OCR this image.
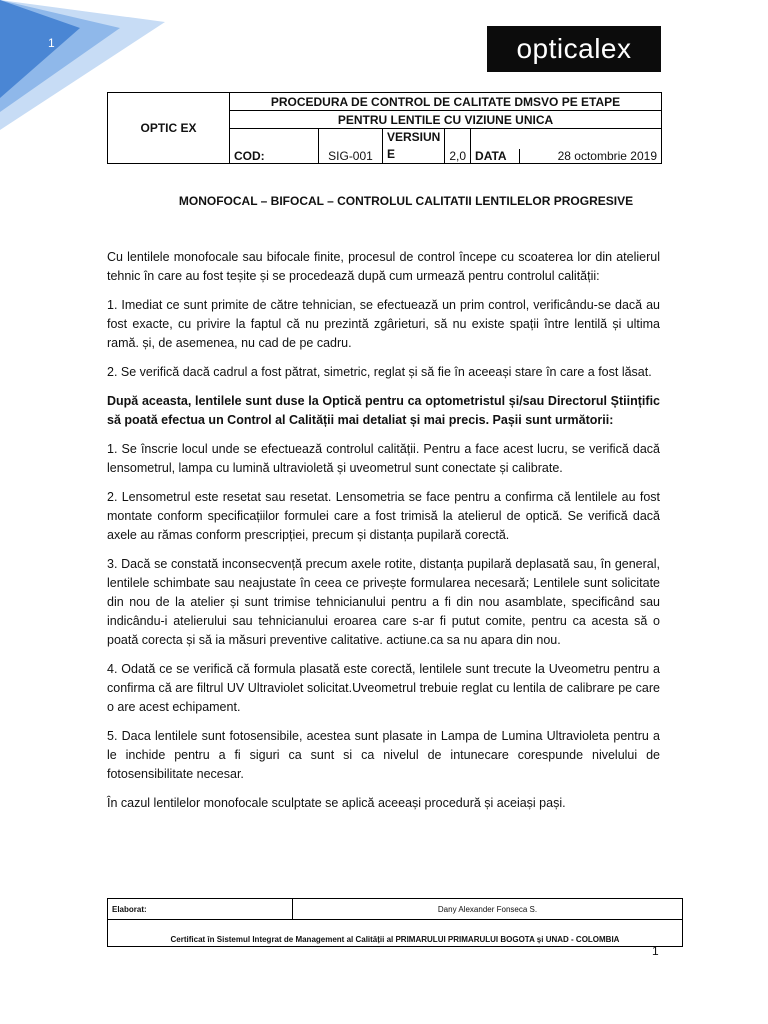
1	opticale x
OPTIC EX	PROCEDURA DE CONTROL DE CALITATE DMSVO PE ETAPE				
	PENTRU LENTILE CU VIZIUNE UNICA				
	COD:	SIG-001	VERSIUN E	2,0	DATA 28 octombrie 2019
MONOFOCAL – BIFOCAL – CONTROLUL CALITATII LENTILELOR PROGRESIVE

Cu lentilele monofocale sau bifocale finite, procesul de control începe cu scoaterea lor din atelierul tehnic în care au fost teșite și se procedează după cum urmează pentru controlul calității:

1. Imediat ce sunt primite de către tehnician, se efectuează un prim control, verificându-se dacă au fost exacte, cu privire la faptul că nu prezintă zgârieturi, să nu existe spații între lentilă și ultima ramă. și, de asemenea, nu cad de pe cadru.

2. Se verifică dacă cadrul a fost pătrat, simetric, reglat și să fie în aceeași stare în care a fost lăsat.

După aceasta, lentilele sunt duse la Optică pentru ca optometristul și/sau Directorul Științific să poată efectua un Control al Calității mai detaliat și mai precis. Pașii sunt următorii:

1. Se înscrie locul unde se efectuează controlul calității. Pentru a face acest lucru, se verifică dacă lensometrul, lampa cu lumină ultravioletă și uveometrul sunt conectate și calibrate.

2. Lensometrul este resetat sau resetat. Lensometria se face pentru a confirma că lentilele au fost montate conform specificațiilor formulei care a fost trimisă la atelierul de optică. Se verifică dacă axele au rămas conform prescripției, precum și distanța pupilară corectă.

3. Dacă se constată inconsecvență precum axele rotite, distanța pupilară deplasată sau, în general, lentilele schimbate sau neajustate în ceea ce privește formularea necesară; Lentilele sunt solicitate din nou de la atelier și sunt trimise tehnicianului pentru a fi din nou asamblate, specificând sau indicându-i atelierului sau tehnicianului eroarea care s-ar fi putut comite, pentru ca acesta să o poată corecta și să ia măsuri preventive calitative. actiune.ca sa nu apara din nou.

4. Odată ce se verifică că formula plasată este corectă, lentilele sunt trecute la Uveometru pentru a confirma că are filtrul UV Ultraviolet solicitat.Uveometrul trebuie reglat cu lentila de calibrare pe care o are acest echipament.

5. Daca lentilele sunt fotosensibile, acestea sunt plasate in Lampa de Lumina Ultravioleta pentru a le inchide pentru a fi siguri ca sunt si ca nivelul de intunecare corespunde nivelului de fotosensibilitate necesar.

În cazul lentilelor monofocale sculptate se aplică aceeași procedură și aceiași pași.

Elaborat:	Dany Alexander Fonseca S.
Certificat în Sistemul Integrat de Management al Calității al PRIMARULUI PRIMARULUI BOGOTA și UNAD - COLOMBIA
1
